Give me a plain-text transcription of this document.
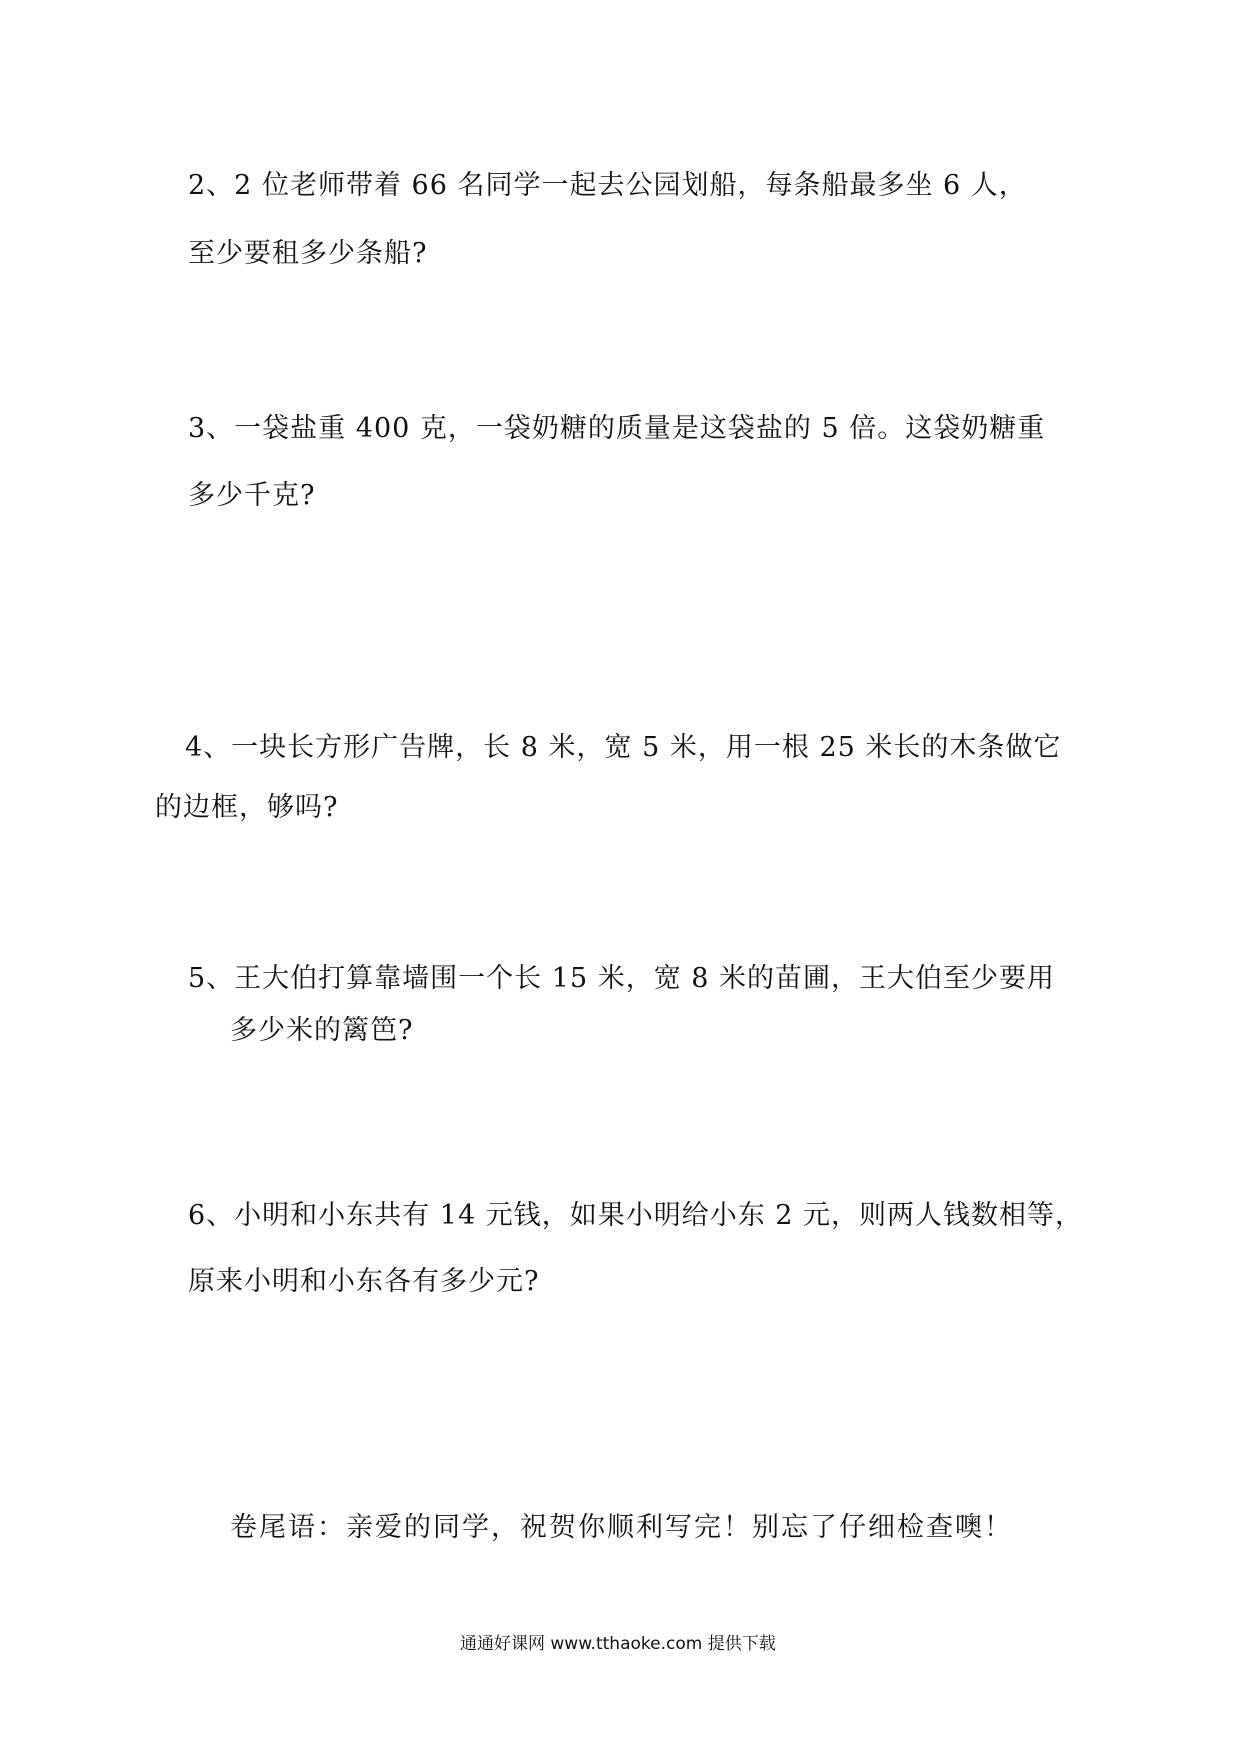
2、2 位老师带着 66 名同学一起去公园划船，每条船最多坐 6 人，
至少要租多少条船?
3、一袋盐重 400 克，一袋奶糖的质量是这袋盐的 5 倍。这袋奶糖重
多少千克?
4、一块长方形广告牌，长 8 米，宽 5 米，用一根 25 米长的木条做它
的边框，够吗?
5、王大伯打算靠墙围一个长 15 米，宽 8 米的苗圃，王大伯至少要用
多少米的篱笆?
6、小明和小东共有 14 元钱，如果小明给小东 2 元，则两人钱数相等，
原来小明和小东各有多少元?
卷尾语：亲爱的同学，祝贺你顺利写完！别忘了仔细检查噢！
通通好课网 www.tthaoke.com 提供下载
